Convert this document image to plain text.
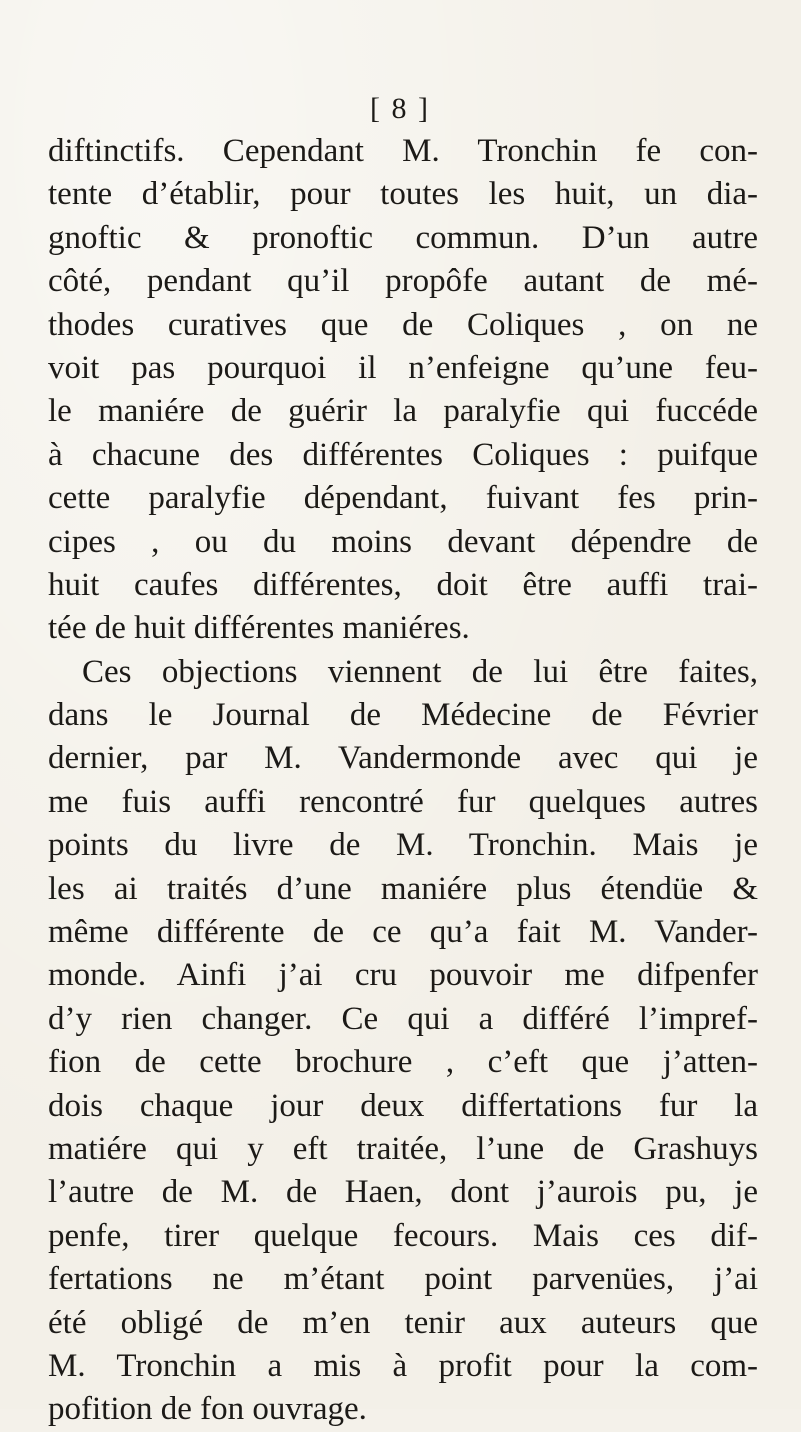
[ 8 ]
diftinctifs. Cependant M. Tronchin fe con-
tente d’établir, pour toutes les huit, un dia-
gnoftic & pronoftic commun. D’un autre
côté, pendant qu’il propôfe autant de mé-
thodes curatives que de Coliques , on ne
voit pas pourquoi il n’enfeigne qu’une feu-
le maniére de guérir la paralyfie qui fuccéde
à chacune des différentes Coliques : puifque
cette paralyfie dépendant, fuivant fes prin-
cipes , ou du moins devant dépendre de
huit caufes différentes, doit être auffi trai-
tée de huit différentes maniéres.
Ces objections viennent de lui être faites,
dans le Journal de Médecine de Février
dernier, par M. Vandermonde avec qui je
me fuis auffi rencontré fur quelques autres
points du livre de M. Tronchin. Mais je
les ai traités d’une maniére plus étendüe &
même différente de ce qu’a fait M. Vander-
monde. Ainfi j’ai cru pouvoir me difpenfer
d’y rien changer. Ce qui a différé l’impref-
fion de cette brochure , c’eft que j’atten-
dois chaque jour deux differtations fur la
matiére qui y eft traitée, l’une de Grashuys
l’autre de M. de Haen, dont j’aurois pu, je
penfe, tirer quelque fecours. Mais ces dif-
fertations ne m’étant point parvenües, j’ai
été obligé de m’en tenir aux auteurs que
M. Tronchin a mis à profit pour la com-
pofition de fon ouvrage.
